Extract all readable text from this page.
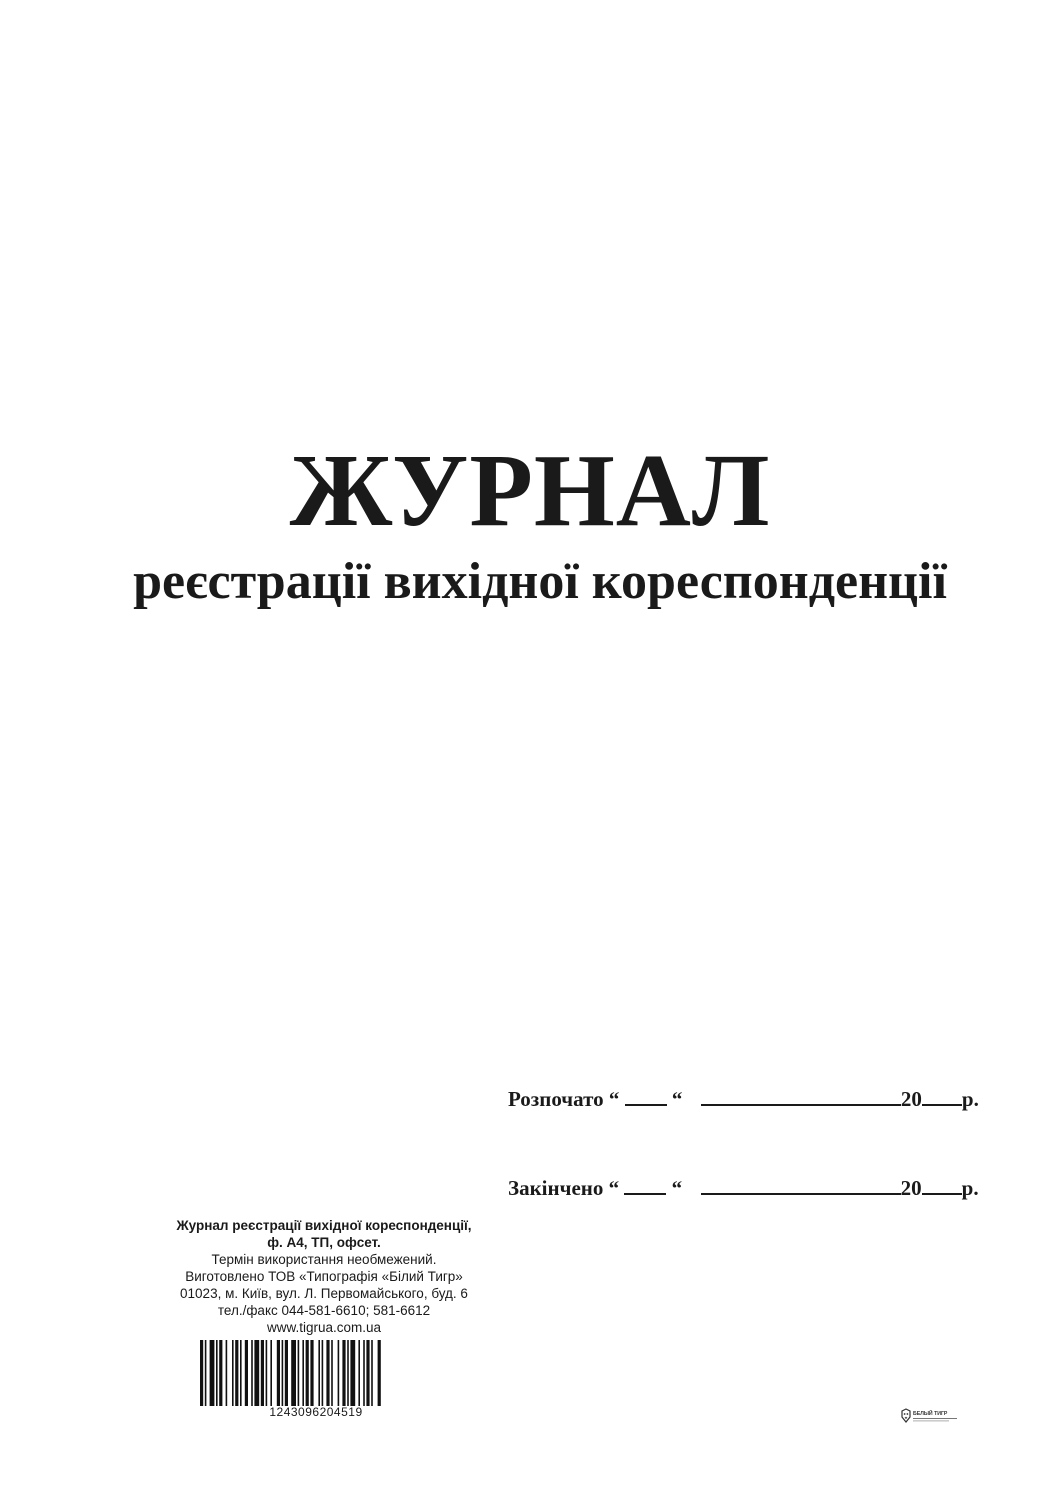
ЖУРНАЛ
реєстрації вихідної кореспонденції
Розпочато “	“	20 р.
Закінчено “	“	20 р.
Журнал реєстрації вихідної кореспонденції,
ф. А4, ТП, офсет.
Термін використання необмежений.
Виготовлено ТОВ «Типографія «Білий Тигр»
01023, м. Київ, вул. Л. Первомайського, буд. 6
тел./факс 044-581-6610; 581-6612
www.tigrua.com.ua
1243096204519	БЕЛЫЙ ТИГР
